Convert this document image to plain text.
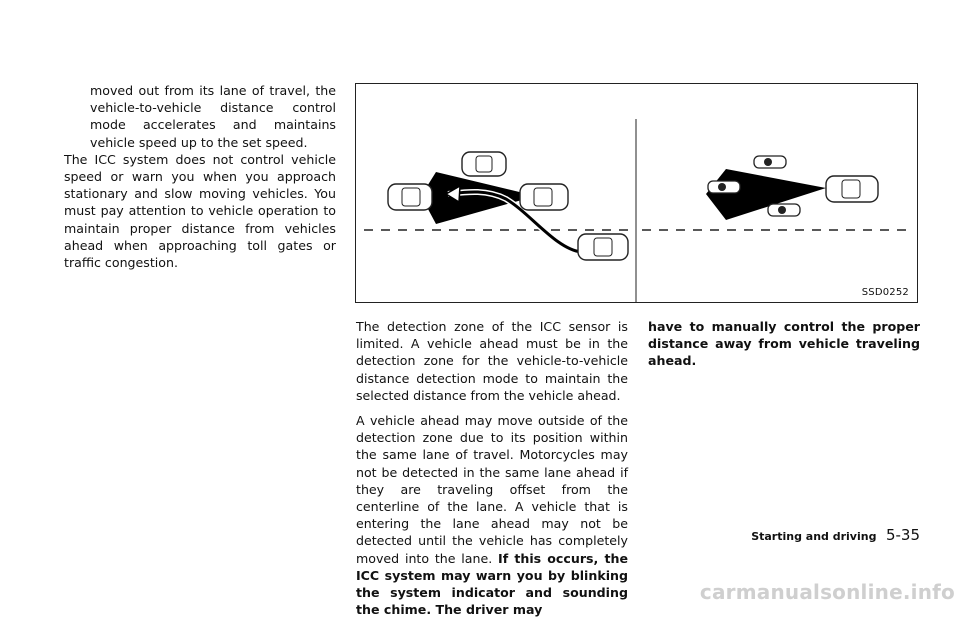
moved out from its lane of travel, the vehicle-to-vehicle distance control mode accelerates and maintains vehicle speed up to the set speed.

The ICC system does not control vehicle speed or warn you when you approach stationary and slow moving vehicles. You must pay attention to vehicle operation to maintain proper distance from vehicles ahead when approaching toll gates or traffic congestion.

SSD0252

The detection zone of the ICC sensor is limited. A vehicle ahead must be in the detection zone for the vehicle-to-vehicle distance detection mode to maintain the selected distance from the vehicle ahead.

A vehicle ahead may move outside of the detection zone due to its position within the same lane of travel. Motorcycles may not be detected in the same lane ahead if they are traveling offset from the centerline of the lane. A vehicle that is entering the lane ahead may not be detected until the vehicle has completely moved into the lane. If this occurs, the ICC system may warn you by blinking the system indicator and sounding the chime. The driver may

have to manually control the proper distance away from vehicle traveling ahead.

Starting and driving 5-35
carmanualsonline.info
